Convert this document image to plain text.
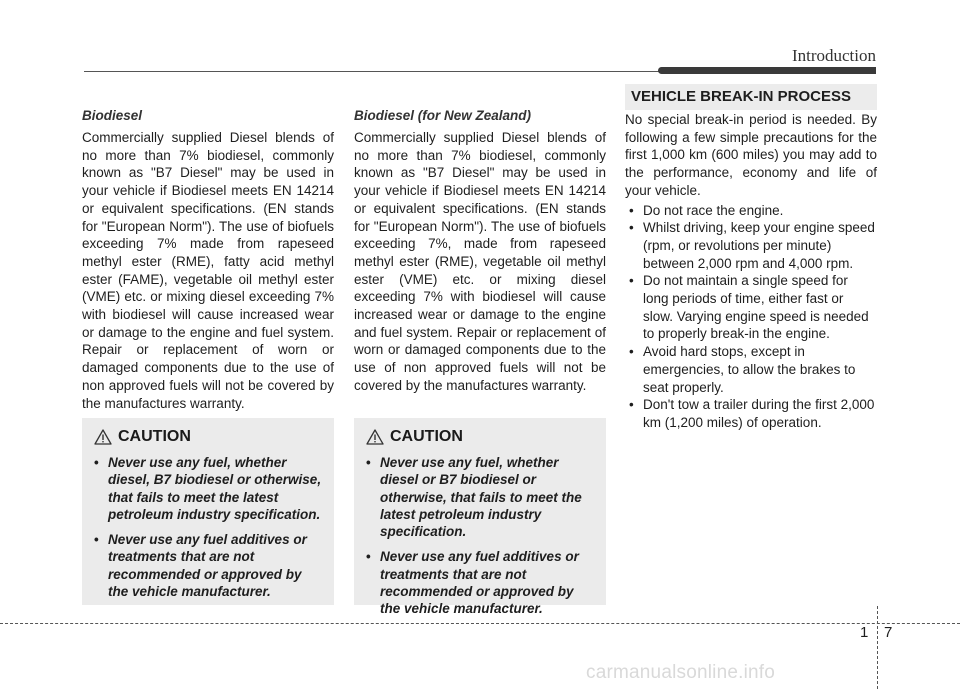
Introduction
Biodiesel

Commercially supplied Diesel blends of no more than 7% biodiesel, commonly known as "B7 Diesel" may be used in your vehicle if Biodiesel meets EN 14214 or equivalent specifications. (EN stands for "European Norm"). The use of biofuels exceeding 7% made from rapeseed methyl ester (RME), fatty acid methyl ester (FAME), vegetable oil methyl ester (VME) etc. or mixing diesel exceeding 7% with biodiesel will cause increased wear or damage to the engine and fuel system. Repair or replacement of worn or damaged components due to the use of non approved fuels will not be covered by the manufactures warranty.

Biodiesel (for New Zealand)

Commercially supplied Diesel blends of no more than 7% biodiesel, commonly known as "B7 Diesel" may be used in your vehicle if Biodiesel meets EN 14214 or equivalent specifications. (EN stands for "European Norm"). The use of biofuels exceeding 7%, made from rapeseed methyl ester (RME), vegetable oil methyl ester (VME) etc. or mixing diesel exceeding 7% with biodiesel will cause increased wear or damage to the engine and fuel system. Repair or replacement of worn or damaged components due to the use of non approved fuels will not be covered by the manufactures warranty.

VEHICLE BREAK-IN PROCESS

No special break-in period is needed. By following a few simple precautions for the first 1,000 km (600 miles) you may add to the performance, economy and life of your vehicle.

• Do not race the engine.
• Whilst driving, keep your engine speed (rpm, or revolutions per minute) between 2,000 rpm and 4,000 rpm.
• Do not maintain a single speed for long periods of time, either fast or slow. Varying engine speed is needed to properly break-in the engine.
• Avoid hard stops, except in emergencies, to allow the brakes to seat properly.
• Don't tow a trailer during the first 2,000 km (1,200 miles) of operation.
CAUTION

• Never use any fuel, whether diesel, B7 biodiesel or otherwise, that fails to meet the latest petroleum industry specification.

• Never use any fuel additives or treatments that are not recommended or approved by the vehicle manufacturer.

CAUTION

• Never use any fuel, whether diesel or B7 biodiesel or otherwise, that fails to meet the latest petroleum industry specification.

• Never use any fuel additives or treatments that are not recommended or approved by the vehicle manufacturer.

1 7
carmanualsonline.info
